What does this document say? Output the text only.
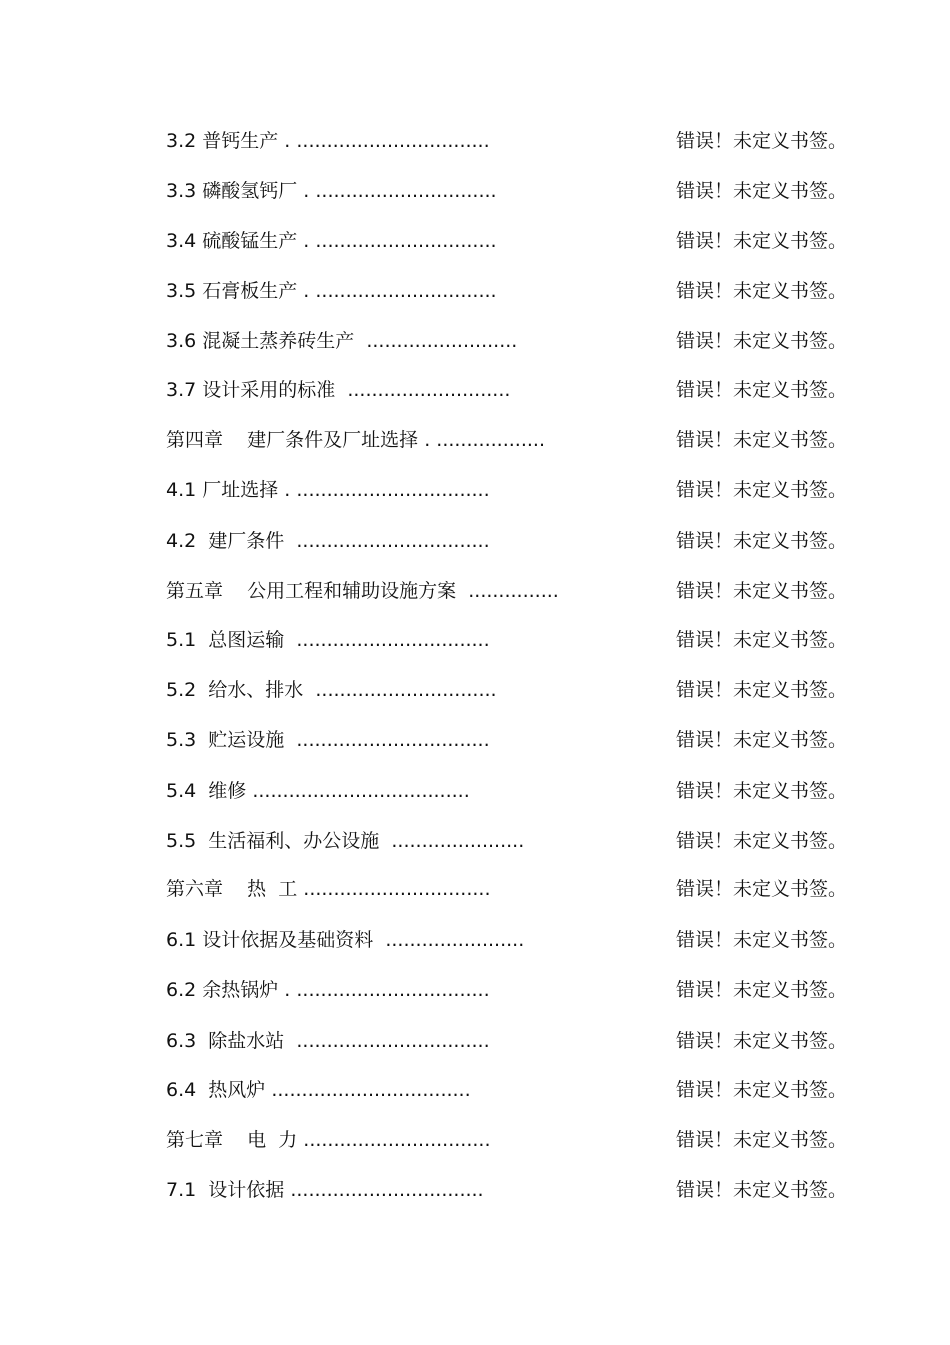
3.2 普钙生产 . ................................	错误！未定义书签。
3.3 磷酸氢钙厂 . ..............................	错误！未定义书签。
3.4 硫酸锰生产 . ..............................	错误！未定义书签。
3.5 石膏板生产 . ..............................	错误！未定义书签。
3.6 混凝土蒸养砖生产  .........................	错误！未定义书签。
3.7 设计采用的标准  ...........................	错误！未定义书签。
第四章    建厂条件及厂址选择 . ..................	错误！未定义书签。
4.1 厂址选择 . ................................	错误！未定义书签。
4.2  建厂条件  ................................	错误！未定义书签。
第五章    公用工程和辅助设施方案  ...............	错误！未定义书签。
5.1  总图运输  ................................	错误！未定义书签。
5.2  给水、排水  ..............................	错误！未定义书签。
5.3  贮运设施  ................................	错误！未定义书签。
5.4  维修 ....................................	错误！未定义书签。
5.5  生活福利、办公设施  ......................	错误！未定义书签。
第六章    热  工 ...............................	错误！未定义书签。
6.1 设计依据及基础资料  .......................	错误！未定义书签。
6.2 余热锅炉 . ................................	错误！未定义书签。
6.3  除盐水站  ................................	错误！未定义书签。
6.4  热风炉 .................................	错误！未定义书签。
第七章    电  力 ...............................	错误！未定义书签。
7.1  设计依据 ................................	错误！未定义书签。
